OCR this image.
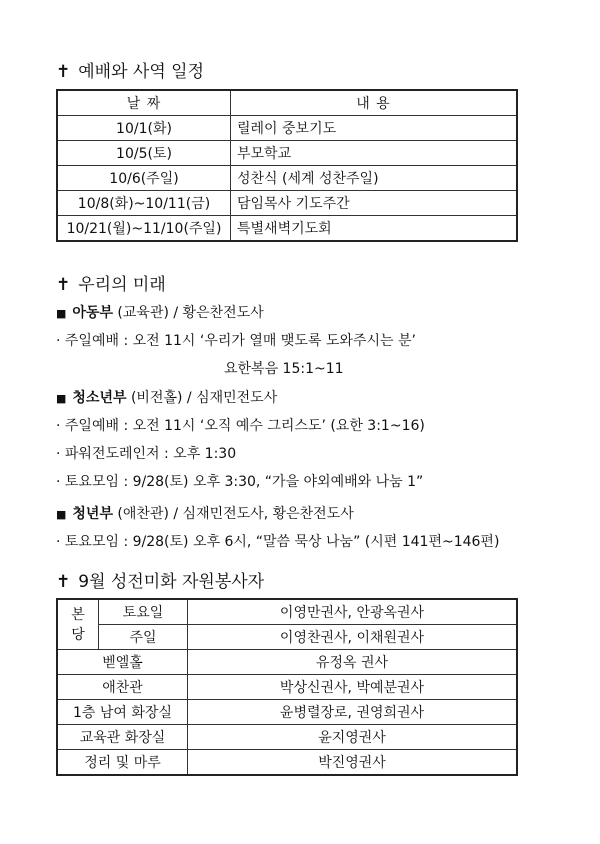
✝ 예배와 사역 일정
날 짜	내 용
10/1(화)	릴레이 중보기도
10/5(토)	부모학교
10/6(주일)	성찬식 (세계 성찬주일)
10/8(화)~10/11(금)	담임목사 기도주간
10/21(월)~11/10(주일)	특별새벽기도회
✝ 우리의 미래
■ 아동부 (교육관) / 황은찬전도사
· 주일예배 : 오전 11시 ‘우리가 열매 맺도록 도와주시는 분’
요한복음 15:1~11
■ 청소년부 (비전홀) / 심재민전도사
· 주일예배 : 오전 11시 ‘오직 예수 그리스도’ (요한 3:1~16)
· 파워전도레인저 : 오후 1:30
· 토요모임 : 9/28(토) 오후 3:30, “가을 야외예배와 나눔 1”
■ 청년부 (애찬관) / 심재민전도사, 황은찬전도사
· 토요모임 : 9/28(토) 오후 6시, “말씀 묵상 나눔” (시편 141편~146편)
✝ 9월 성전미화 자원봉사자
본
당	토요일	이영만권사, 안광옥권사
	주일	이영찬권사, 이채원권사
벧엘홀		유정옥 권사
애찬관		박상신권사, 박예분권사
1층 남여 화장실		윤병렬장로, 권영희권사
교육관 화장실		윤지영권사
정리 및 마루		박진영권사
